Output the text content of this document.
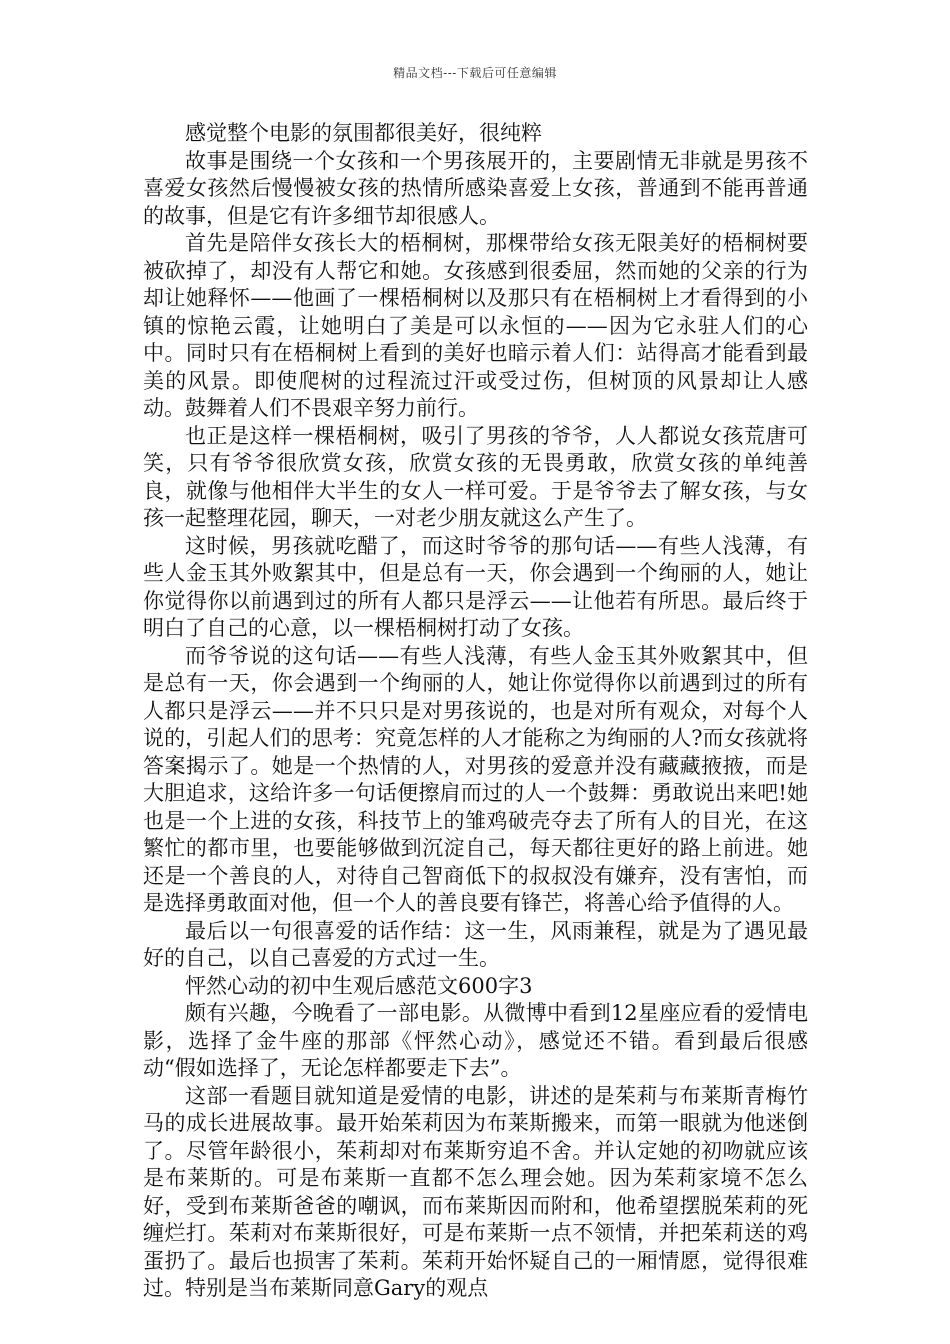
精品文档---下载后可任意编辑

感觉整个电影的氛围都很美好，很纯粹

故事是围绕一个女孩和一个男孩展开的，主要剧情无非就是男孩不喜爱女孩然后慢慢被女孩的热情所感染喜爱上女孩，普通到不能再普通的故事，但是它有许多细节却很感人。

首先是陪伴女孩长大的梧桐树，那棵带给女孩无限美好的梧桐树要被砍掉了，却没有人帮它和她。女孩感到很委屈，然而她的父亲的行为却让她释怀——他画了一棵梧桐树以及那只有在梧桐树上才看得到的小镇的惊艳云霞，让她明白了美是可以永恒的——因为它永驻人们的心中。同时只有在梧桐树上看到的美好也暗示着人们：站得高才能看到最美的风景。即使爬树的过程流过汗或受过伤，但树顶的风景却让人感动。鼓舞着人们不畏艰辛努力前行。

也正是这样一棵梧桐树，吸引了男孩的爷爷，人人都说女孩荒唐可笑，只有爷爷很欣赏女孩，欣赏女孩的无畏勇敢，欣赏女孩的单纯善良，就像与他相伴大半生的女人一样可爱。于是爷爷去了解女孩，与女孩一起整理花园，聊天，一对老少朋友就这么产生了。

这时候，男孩就吃醋了，而这时爷爷的那句话——有些人浅薄，有些人金玉其外败絮其中，但是总有一天，你会遇到一个绚丽的人，她让你觉得你以前遇到过的所有人都只是浮云——让他若有所思。最后终于明白了自己的心意，以一棵梧桐树打动了女孩。

而爷爷说的这句话——有些人浅薄，有些人金玉其外败絮其中，但是总有一天，你会遇到一个绚丽的人，她让你觉得你以前遇到过的所有人都只是浮云——并不只只是对男孩说的，也是对所有观众，对每个人说的，引起人们的思考：究竟怎样的人才能称之为绚丽的人?而女孩就将答案揭示了。她是一个热情的人，对男孩的爱意并没有藏藏掖掖，而是大胆追求，这给许多一句话便擦肩而过的人一个鼓舞：勇敢说出来吧!她也是一个上进的女孩，科技节上的雏鸡破壳夺去了所有人的目光，在这繁忙的都市里，也要能够做到沉淀自己，每天都往更好的路上前进。她还是一个善良的人，对待自己智商低下的叔叔没有嫌弃，没有害怕，而是选择勇敢面对他，但一个人的善良要有锋芒，将善心给予值得的人。

最后以一句很喜爱的话作结：这一生，风雨兼程，就是为了遇见最好的自己，以自己喜爱的方式过一生。

怦然心动的初中生观后感范文600字3

颇有兴趣，今晚看了一部电影。从微博中看到12星座应看的爱情电影，选择了金牛座的那部《怦然心动》，感觉还不错。看到最后很感动“假如选择了，无论怎样都要走下去”。

这部一看题目就知道是爱情的电影，讲述的是茱莉与布莱斯青梅竹马的成长进展故事。最开始茱莉因为布莱斯搬来，而第一眼就为他迷倒了。尽管年龄很小，茱莉却对布莱斯穷追不舍。并认定她的初吻就应该是布莱斯的。可是布莱斯一直都不怎么理会她。因为茱莉家境不怎么好，受到布莱斯爸爸的嘲讽，而布莱斯因而附和，他希望摆脱茱莉的死缠烂打。茱莉对布莱斯很好，可是布莱斯一点不领情，并把茱莉送的鸡蛋扔了。最后也损害了茱莉。茱莉开始怀疑自己的一厢情愿，觉得很难过。特别是当布莱斯同意Gary的观点
